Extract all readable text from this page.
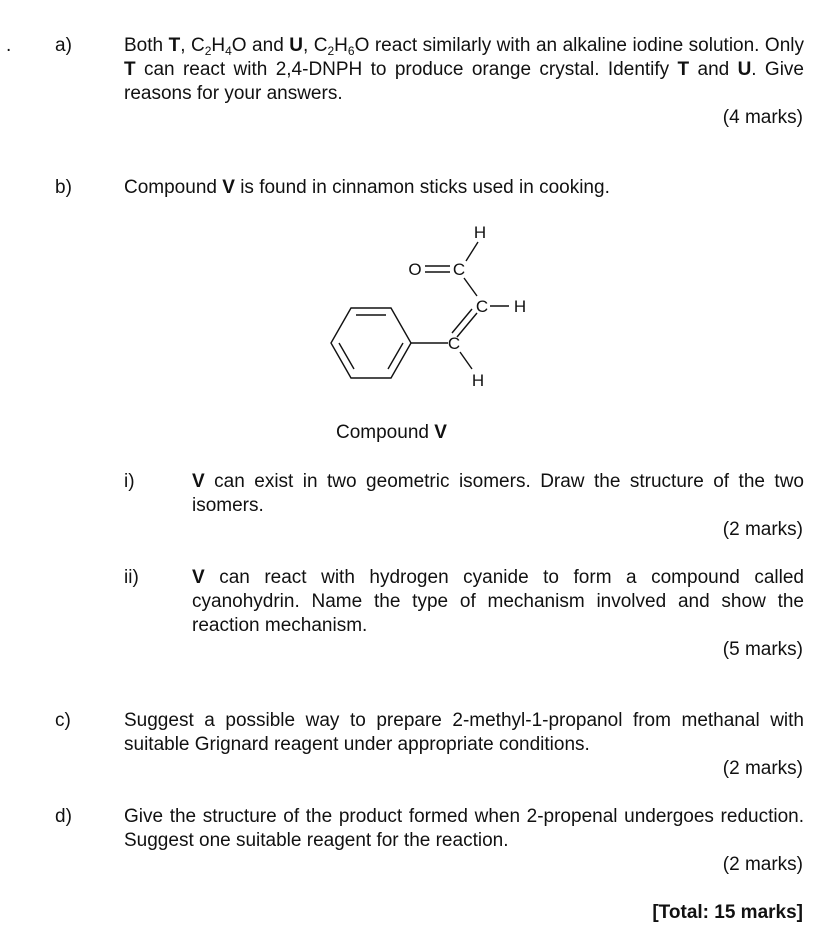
. a)	Both T, $C_2H_4O$ and U, $C_2H_6O$ react similarly with an alkaline iodine solution. Only T can react with 2,4-DNPH to produce orange crystal. Identify T and U. Give reasons for your answers.
(4 marks)
b)	Compound V is found in cinnamon sticks used in cooking.
O C
C
C
H
H
H
Compound V
i)	V can exist in two geometric isomers. Draw the structure of the two isomers.
(2 marks)
ii)	V can react with hydrogen cyanide to form a compound called cyanohydrin. Name the type of mechanism involved and show the reaction mechanism.
(5 marks)
c)	Suggest a possible way to prepare 2-methyl-1-propanol from methanal with suitable Grignard reagent under appropriate conditions.
(2 marks)
d)	Give the structure of the product formed when 2-propenal undergoes reduction. Suggest one suitable reagent for the reaction.
(2 marks)
[Total: 15 marks]
